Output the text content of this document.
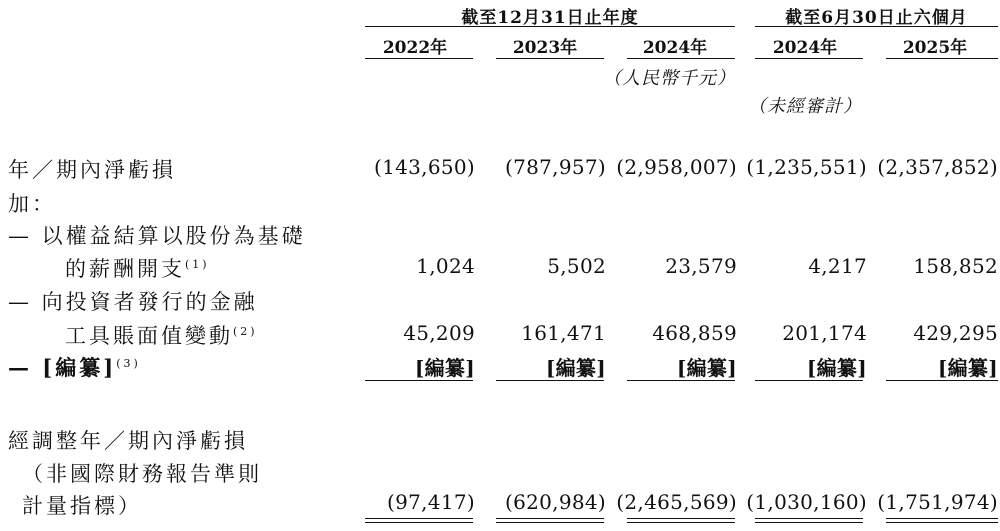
截至12月31日止年度	截至6月30日止六個月
2022年	2023年	2024年	2024年	2025年
（人民幣千元）
（未經審計）
年／期內淨虧損	(143,650)	(787,957) (2,958,007) (1,235,551) (2,357,852)
加：
— 以權益結算以股份為基礎
的薪酬開支$^{(1)}$	1,024	5,502	23,579	4,217	158,852
— 向投資者發行的金融
工具賬面值變動$^{(2)}$	45,209	161,471	468,859	201,174	429,295
— [編纂]$^{(3)}$	[編纂]	[編纂]	[編纂]	[編纂]	[編纂]
經調整年／期內淨虧損
（非國際財務報告準則
計量指標）	(97,417)	(620,984) (2,465,569) (1,030,160) (1,751,974)
